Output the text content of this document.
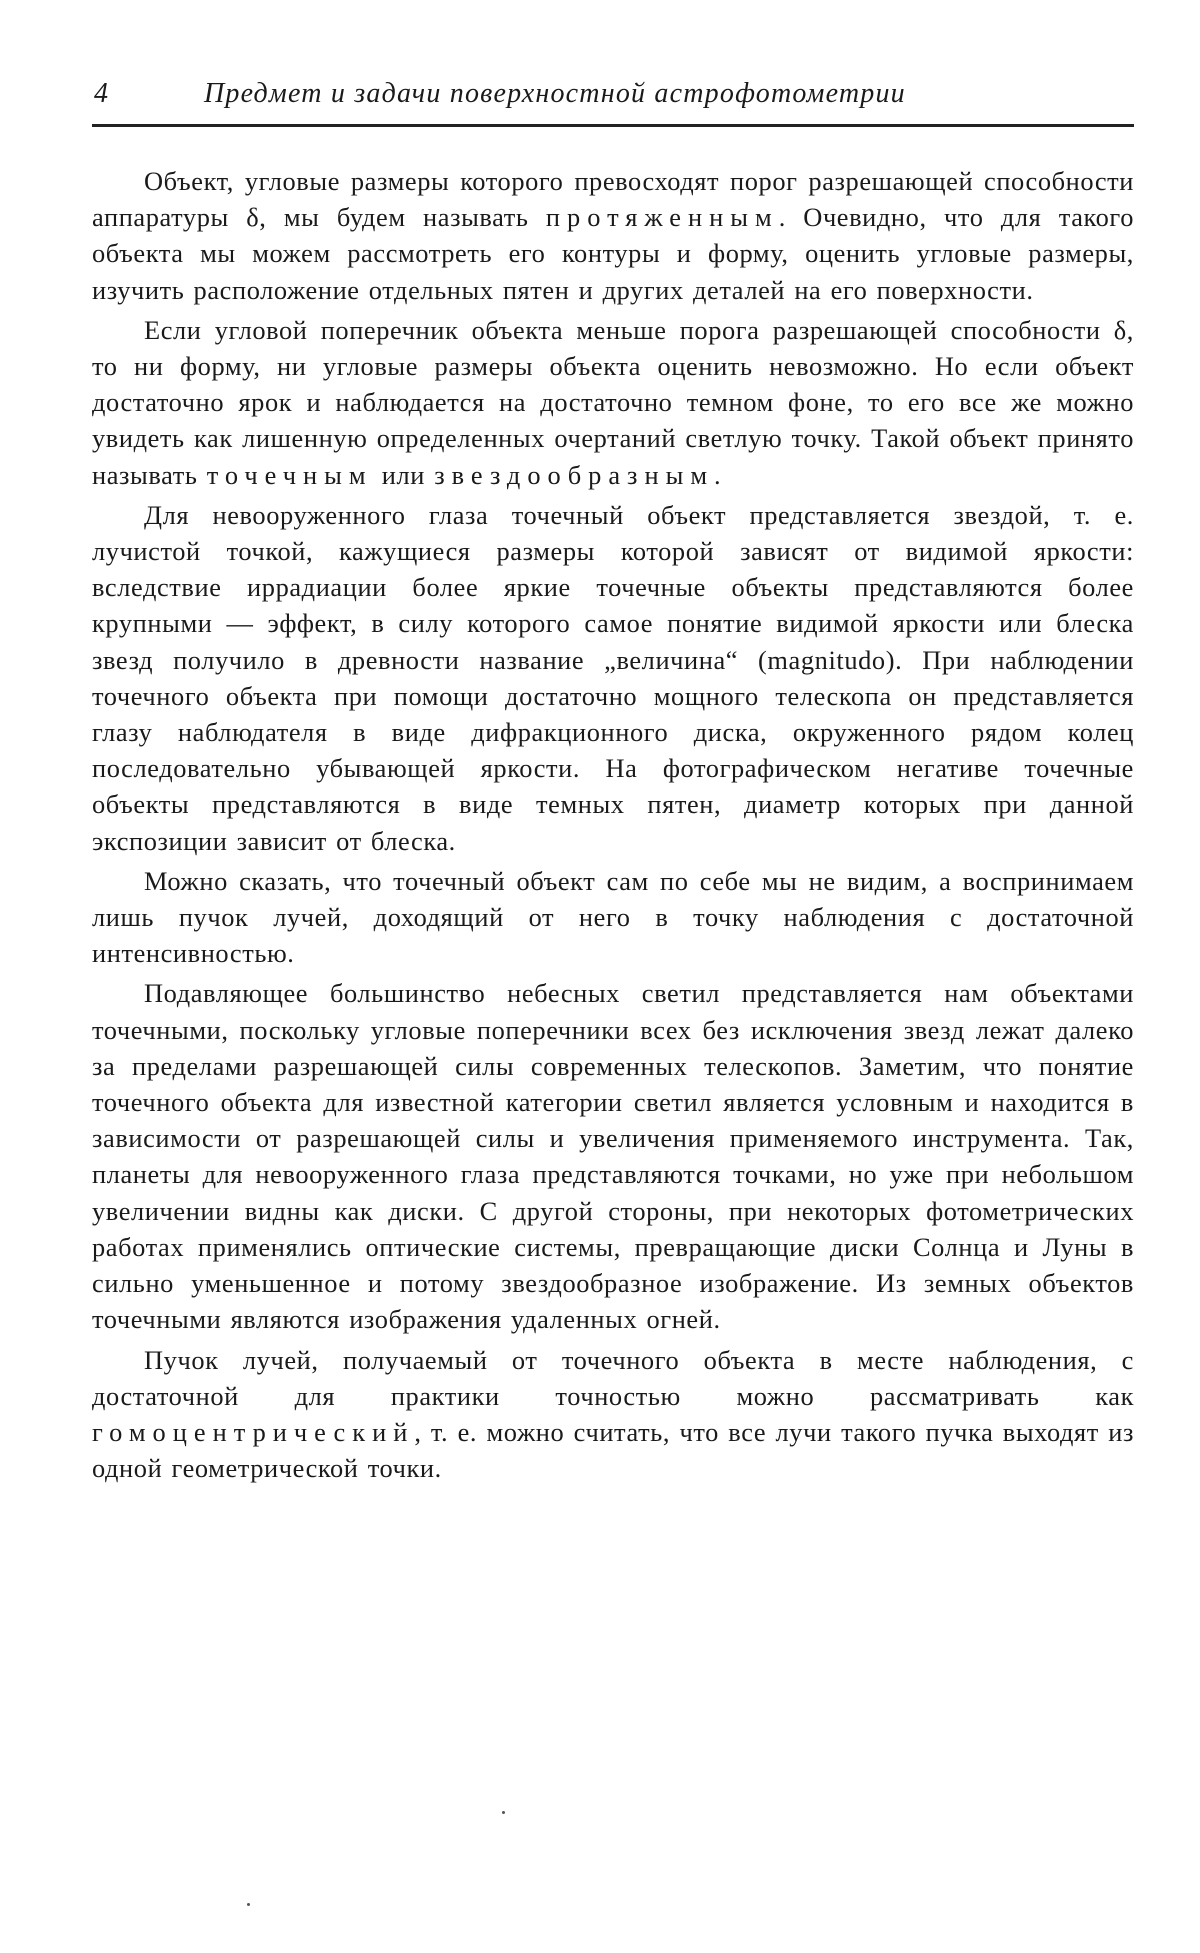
4	Предмет и задачи поверхностной астрофотометрии

Объект, угловые размеры которого превосходят порог разрешающей способности аппаратуры δ, мы будем называть протяженным. Очевидно, что для такого объекта мы можем рассмотреть его контуры и форму, оценить угловые размеры, изучить расположение отдельных пятен и других деталей на его поверхности.

Если угловой поперечник объекта меньше порога разрешающей способности δ, то ни форму, ни угловые размеры объекта оценить невозможно. Но если объект достаточно ярок и наблюдается на достаточно темном фоне, то его все же можно увидеть как лишенную определенных очертаний светлую точку. Такой объект принято называть точечным или звездообразным.

Для невооруженного глаза точечный объект представляется звездой, т. е. лучистой точкой, кажущиеся размеры которой зависят от видимой яркости: вследствие иррадиации более яркие точечные объекты представляются более крупными — эффект, в силу которого самое понятие видимой яркости или блеска звезд получило в древности название „величина“ (magnitudo). При наблюдении точечного объекта при помощи достаточно мощного телескопа он представляется глазу наблюдателя в виде дифракционного диска, окруженного рядом колец последовательно убывающей яркости. На фотографическом негативе точечные объекты представляются в виде темных пятен, диаметр которых при данной экспозиции зависит от блеска.

Можно сказать, что точечный объект сам по себе мы не видим, а воспринимаем лишь пучок лучей, доходящий от него в точку наблюдения с достаточной интенсивностью.

Подавляющее большинство небесных светил представляется нам объектами точечными, поскольку угловые поперечники всех без исключения звезд лежат далеко за пределами разрешающей силы современных телескопов. Заметим, что понятие точечного объекта для известной категории светил является условным и находится в зависимости от разрешающей силы и увеличения применяемого инструмента. Так, планеты для невооруженного глаза представляются точками, но уже при небольшом увеличении видны как диски. С другой стороны, при некоторых фотометрических работах применялись оптические системы, превращающие диски Солнца и Луны в сильно уменьшенное и потому звездообразное изображение. Из земных объектов точечными являются изображения удаленных огней.

Пучок лучей, получаемый от точечного объекта в месте наблюдения, с достаточной для практики точностью можно рассматривать как гомоцентрический, т. е. можно считать, что все лучи такого пучка выходят из одной геометрической точки.
